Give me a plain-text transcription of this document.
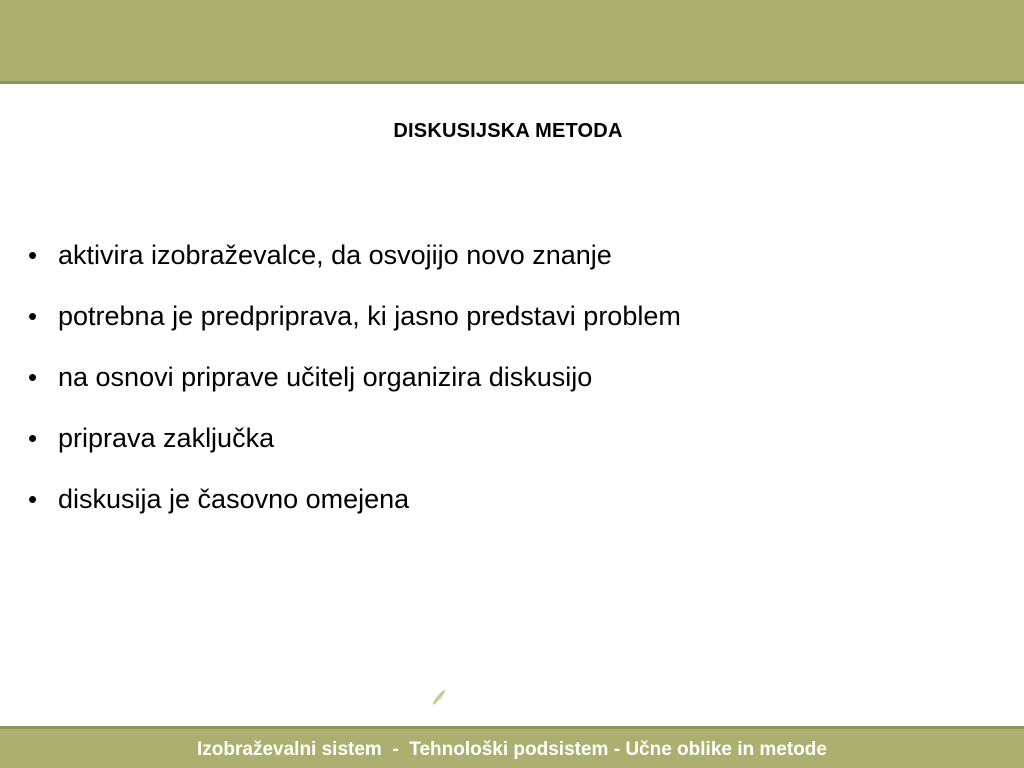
DISKUSIJSKA METODA
• aktivira izobraževalce, da osvojijo novo znanje
• potrebna je predpriprava, ki jasno predstavi problem
• na osnovi priprave učitelj organizira diskusijo
• priprava zaključka
• diskusija je časovno omejena
Izobraževalni sistem  -  Tehnološki podsistem - Učne oblike in metode
